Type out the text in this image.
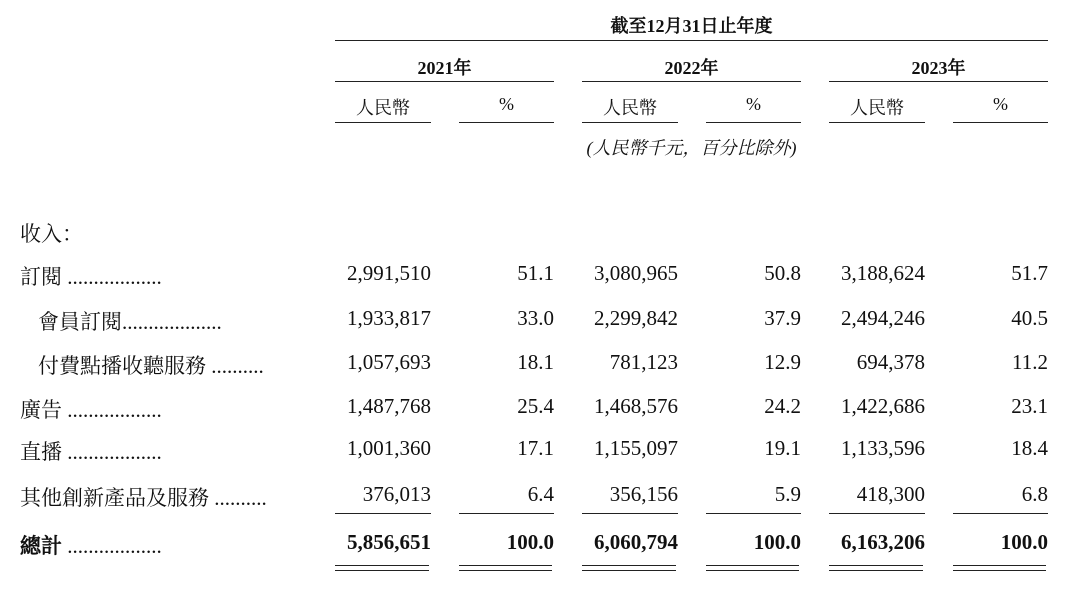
截至12月31日止年度
2021年	2022年	2023年
人民幣	%	人民幣	%	人民幣	%
(人民幣千元，百分比除外)
收入：
訂閱 ..................	2,991,510	51.1	3,080,965	50.8	3,188,624	51.7
會員訂閱...................	1,933,817	33.0	2,299,842	37.9	2,494,246	40.5
付費點播收聽服務 ..........	1,057,693	18.1	781,123	12.9	694,378	11.2
廣告 ..................	1,487,768	25.4	1,468,576	24.2	1,422,686	23.1
直播 ..................	1,001,360	17.1	1,155,097	19.1	1,133,596	18.4
其他創新產品及服務 ..........	376,013	6.4	356,156	5.9	418,300	6.8
總計 ..................	5,856,651	100.0	6,060,794	100.0	6,163,206	100.0
